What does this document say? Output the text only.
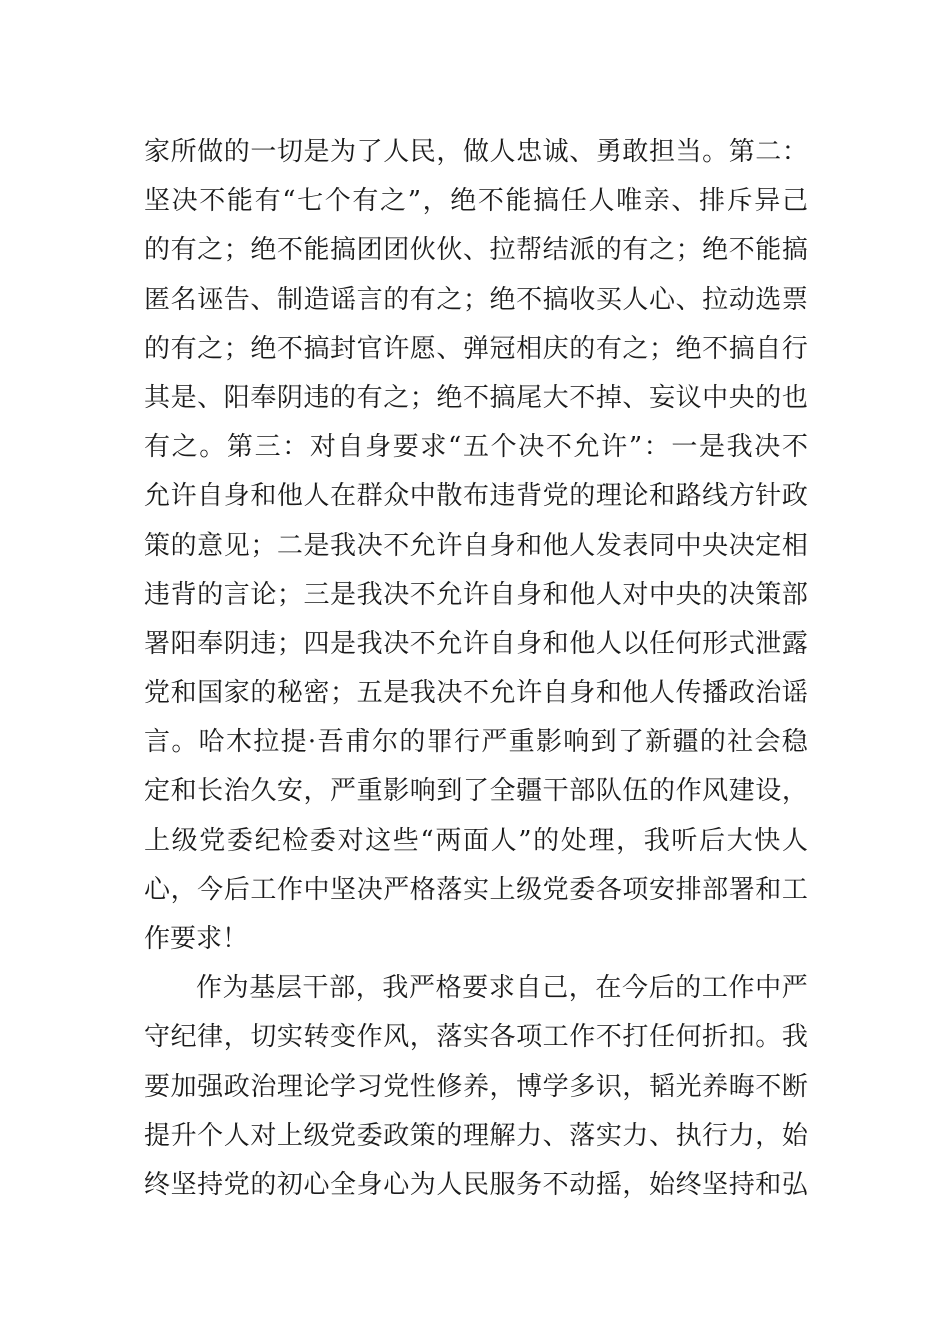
家 所 做 的 一 切 是 为 了 人 民 ， 做 人 忠 诚 、 勇 敢 担 当 。 第 二 ：
坚 决 不 能 有 “ 七 个 有 之 ” ， 绝 不 能 搞 任 人 唯 亲 、 排 斥 异 己
的 有 之 ； 绝 不 能 搞 团 团 伙 伙 、 拉 帮 结 派 的 有 之 ； 绝 不 能 搞
匿 名 诬 告 、 制 造 谣 言 的 有 之 ； 绝 不 搞 收 买 人 心 、 拉 动 选 票
的 有 之 ； 绝 不 搞 封 官 许 愿 、 弹 冠 相 庆 的 有 之 ； 绝 不 搞 自 行
其 是 、 阳 奉 阴 违 的 有 之 ； 绝 不 搞 尾 大 不 掉 、 妄 议 中 央 的 也
有 之 。 第 三 ： 对 自 身 要 求 “ 五 个 决 不 允 许 ” ： 一 是 我 决 不
允 许 自 身 和 他 人 在 群 众 中 散 布 违 背 党 的 理 论 和 路 线 方 针 政
策 的 意 见 ； 二 是 我 决 不 允 许 自 身 和 他 人 发 表 同 中 央 决 定 相
违 背 的 言 论 ； 三 是 我 决 不 允 许 自 身 和 他 人 对 中 央 的 决 策 部
署 阳 奉 阴 违 ； 四 是 我 决 不 允 许 自 身 和 他 人 以 任 何 形 式 泄 露
党 和 国 家 的 秘 密 ； 五 是 我 决 不 允 许 自 身 和 他 人 传 播 政 治 谣
言 。 哈 木 拉 提 · 吾 甫 尔 的 罪 行 严 重 影 响 到 了 新 疆 的 社 会 稳
定 和 长 治 久 安 ， 严 重 影 响 到 了 全 疆 干 部 队 伍 的 作 风 建 设 ，
上 级 党 委 纪 检 委 对 这 些 “ 两 面 人 ” 的 处 理 ， 我 听 后 大 快 人
心 ， 今 后 工 作 中 坚 决 严 格 落 实 上 级 党 委 各 项 安 排 部 署 和 工
作要求！
作 为 基 层 干 部 ， 我 严 格 要 求 自 己 ， 在 今 后 的 工 作 中 严
守 纪 律 ， 切 实 转 变 作 风 ， 落 实 各 项 工 作 不 打 任 何 折 扣 。 我
要 加 强 政 治 理 论 学 习 党 性 修 养 ， 博 学 多 识 ， 韬 光 养 晦 不 断
提 升 个 人 对 上 级 党 委 政 策 的 理 解 力 、 落 实 力 、 执 行 力 ， 始
终 坚 持 党 的 初 心 全 身 心 为 人 民 服 务 不 动 摇 ， 始 终 坚 持 和 弘
